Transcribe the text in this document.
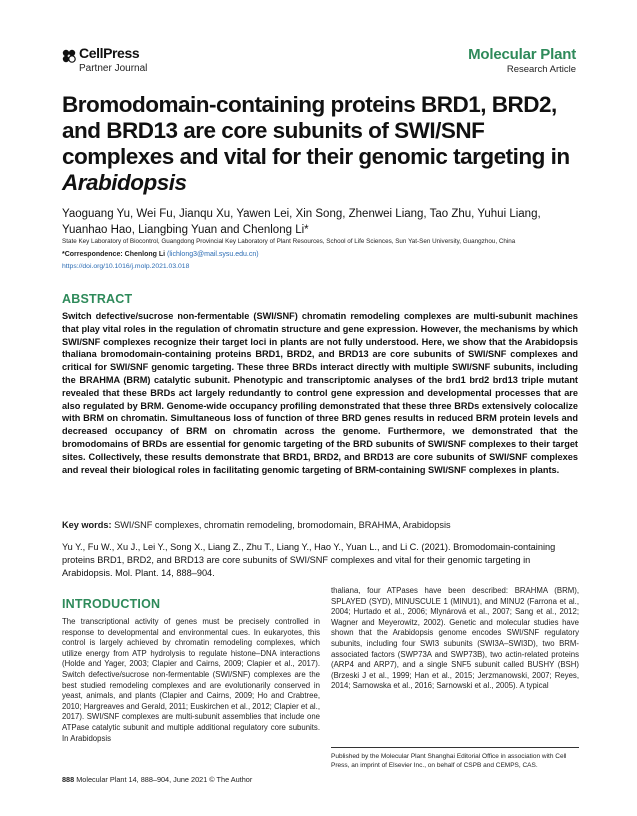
CellPress
Partner Journal
Molecular Plant
Research Article
Bromodomain-containing proteins BRD1, BRD2, and BRD13 are core subunits of SWI/SNF complexes and vital for their genomic targeting in Arabidopsis
Yaoguang Yu, Wei Fu, Jianqu Xu, Yawen Lei, Xin Song, Zhenwei Liang, Tao Zhu, Yuhui Liang, Yuanhao Hao, Liangbing Yuan and Chenlong Li*
State Key Laboratory of Biocontrol, Guangdong Provincial Key Laboratory of Plant Resources, School of Life Sciences, Sun Yat-Sen University, Guangzhou, China
*Correspondence: Chenlong Li (lichlong3@mail.sysu.edu.cn)
https://doi.org/10.1016/j.molp.2021.03.018
ABSTRACT
Switch defective/sucrose non-fermentable (SWI/SNF) chromatin remodeling complexes are multi-subunit machines that play vital roles in the regulation of chromatin structure and gene expression. However, the mechanisms by which SWI/SNF complexes recognize their target loci in plants are not fully understood. Here, we show that the Arabidopsis thaliana bromodomain-containing proteins BRD1, BRD2, and BRD13 are core subunits of SWI/SNF complexes and critical for SWI/SNF genomic targeting. These three BRDs interact directly with multiple SWI/SNF subunits, including the BRAHMA (BRM) catalytic subunit. Phenotypic and transcriptomic analyses of the brd1 brd2 brd13 triple mutant revealed that these BRDs act largely redundantly to control gene expression and developmental processes that are also regulated by BRM. Genome-wide occupancy profiling demonstrated that these three BRDs extensively colocalize with BRM on chromatin. Simultaneous loss of function of three BRD genes results in reduced BRM protein levels and decreased occupancy of BRM on chromatin across the genome. Furthermore, we demonstrated that the bromodomains of BRDs are essential for genomic targeting of the BRD subunits of SWI/SNF complexes to their target sites. Collectively, these results demonstrate that BRD1, BRD2, and BRD13 are core subunits of SWI/SNF complexes and reveal their biological roles in facilitating genomic targeting of BRM-containing SWI/SNF complexes in plants.
Key words: SWI/SNF complexes, chromatin remodeling, bromodomain, BRAHMA, Arabidopsis
Yu Y., Fu W., Xu J., Lei Y., Song X., Liang Z., Zhu T., Liang Y., Hao Y., Yuan L., and Li C. (2021). Bromodomain-containing proteins BRD1, BRD2, and BRD13 are core subunits of SWI/SNF complexes and vital for their genomic targeting in Arabidopsis. Mol. Plant. 14, 888–904.
INTRODUCTION
The transcriptional activity of genes must be precisely controlled in response to developmental and environmental cues. In eukaryotes, this control is largely achieved by chromatin remodeling complexes, which utilize energy from ATP hydrolysis to regulate histone–DNA interactions (Holde and Yager, 2003; Clapier and Cairns, 2009; Clapier et al., 2017). Switch defective/sucrose non-fermentable (SWI/SNF) complexes are the best studied remodeling complexes and are evolutionarily conserved in yeast, animals, and plants (Clapier and Cairns, 2009; Ho and Crabtree, 2010; Hargreaves and Gerald, 2011; Euskirchen et al., 2012; Clapier et al., 2017). SWI/SNF complexes are multi-subunit assemblies that include one ATPase catalytic subunit and multiple additional regulatory core subunits. In Arabidopsis
thaliana, four ATPases have been described: BRAHMA (BRM), SPLAYED (SYD), MINUSCULE 1 (MINU1), and MINU2 (Farrona et al., 2004; Hurtado et al., 2006; Mlynárová et al., 2007; Sang et al., 2012; Wagner and Meyerowitz, 2002). Genetic and molecular studies have shown that the Arabidopsis genome encodes SWI/SNF regulatory subunits, including four SWI3 subunits (SWI3A–SWI3D), two BRM-associated factors (SWP73A and SWP73B), two actin-related proteins (ARP4 and ARP7), and a single SNF5 subunit called BUSHY (BSH) (Brzeski J et al., 1999; Han et al., 2015; Jerzmanowski, 2007; Reyes, 2014; Sarnowska et al., 2016; Sarnowski et al., 2005). A typical
Published by the Molecular Plant Shanghai Editorial Office in association with Cell Press, an imprint of Elsevier Inc., on behalf of CSPB and CEMPS, CAS.
888 Molecular Plant 14, 888–904, June 2021 © The Author
